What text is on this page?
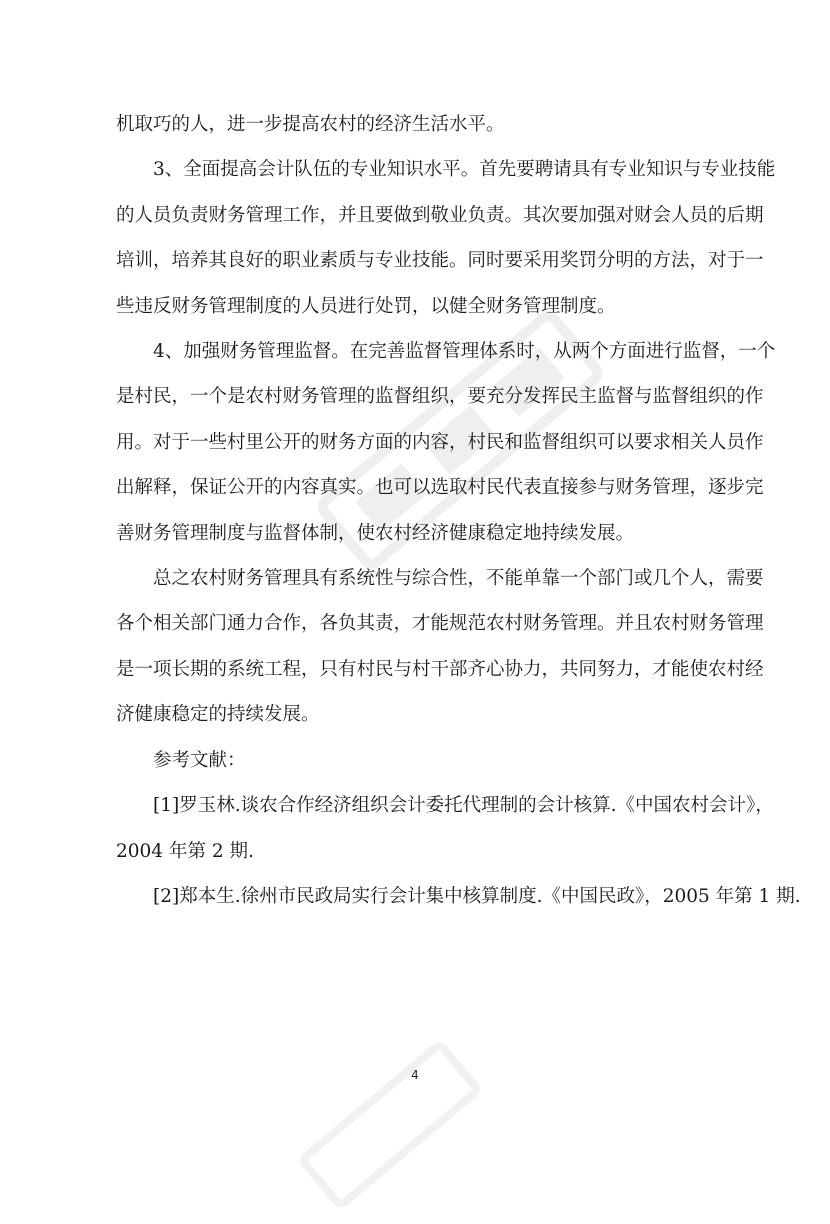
机取巧的人，进一步提高农村的经济生活水平。

3、全面提高会计队伍的专业知识水平。首先要聘请具有专业知识与专业技能
的人员负责财务管理工作，并且要做到敬业负责。其次要加强对财会人员的后期
培训，培养其良好的职业素质与专业技能。同时要采用奖罚分明的方法，对于一
些违反财务管理制度的人员进行处罚，以健全财务管理制度。

4、加强财务管理监督。在完善监督管理体系时，从两个方面进行监督，一个
是村民，一个是农村财务管理的监督组织，要充分发挥民主监督与监督组织的作
用。对于一些村里公开的财务方面的内容，村民和监督组织可以要求相关人员作
出解释，保证公开的内容真实。也可以选取村民代表直接参与财务管理，逐步完
善财务管理制度与监督体制，使农村经济健康稳定地持续发展。

总之农村财务管理具有系统性与综合性，不能单靠一个部门或几个人，需要
各个相关部门通力合作，各负其责，才能规范农村财务管理。并且农村财务管理
是一项长期的系统工程，只有村民与村干部齐心协力，共同努力，才能使农村经
济健康稳定的持续发展。

参考文献：

[1]罗玉林.谈农合作经济组织会计委托代理制的会计核算.《中国农村会计》，
2004 年第 2 期.

[2]郑本生.徐州市民政局实行会计集中核算制度.《中国民政》，2005 年第 1 期.

4
